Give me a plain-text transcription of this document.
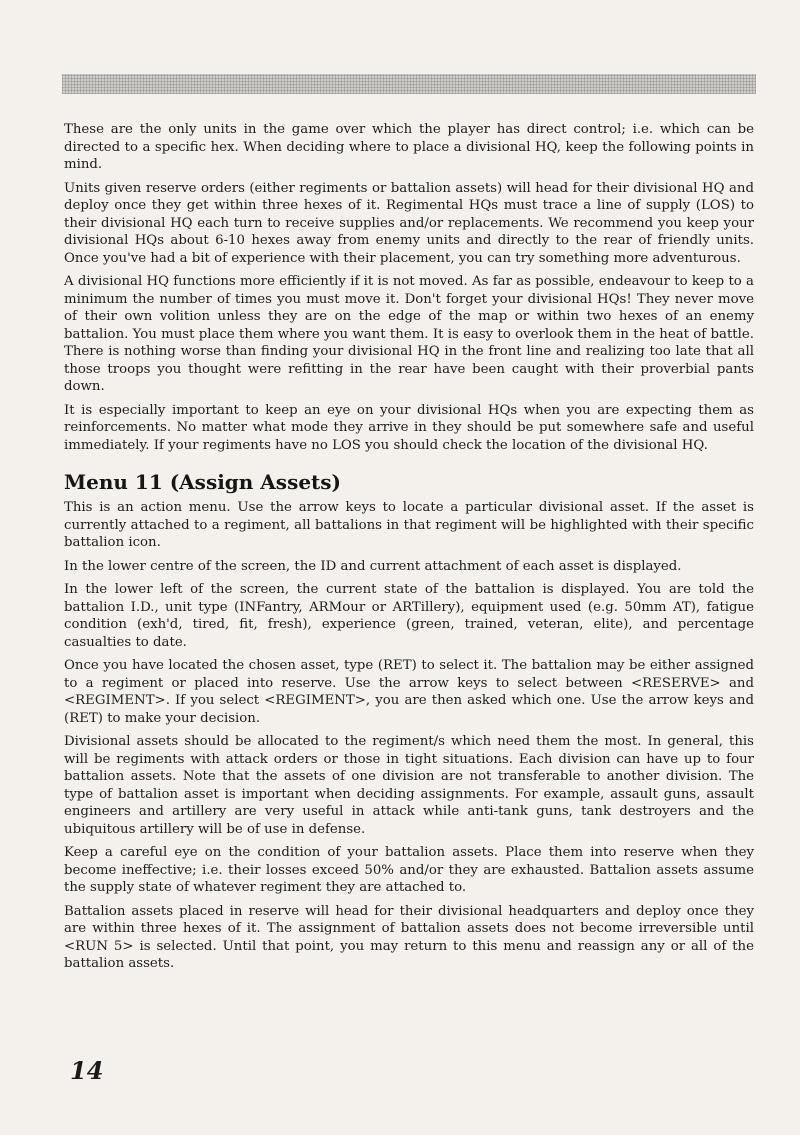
These are the only units in the game over which the player has direct control; i.e. which can be directed to a specific hex. When deciding where to place a divisional HQ, keep the following points in mind.

Units given reserve orders (either regiments or battalion assets) will head for their divisional HQ and deploy once they get within three hexes of it. Regimental HQs must trace a line of supply (LOS) to their divisional HQ each turn to receive supplies and/or replacements. We recommend you keep your divisional HQs about 6-10 hexes away from enemy units and directly to the rear of friendly units. Once you've had a bit of experience with their placement, you can try something more adventurous.

A divisional HQ functions more efficiently if it is not moved. As far as possible, endeavour to keep to a minimum the number of times you must move it. Don't forget your divisional HQs! They never move of their own volition unless they are on the edge of the map or within two hexes of an enemy battalion. You must place them where you want them. It is easy to overlook them in the heat of battle. There is nothing worse than finding your divisional HQ in the front line and realizing too late that all those troops you thought were refitting in the rear have been caught with their proverbial pants down.

It is especially important to keep an eye on your divisional HQs when you are expecting them as reinforcements. No matter what mode they arrive in they should be put somewhere safe and useful immediately. If your regiments have no LOS you should check the location of the divisional HQ.

Menu 11 (Assign Assets)

This is an action menu. Use the arrow keys to locate a particular divisional asset. If the asset is currently attached to a regiment, all battalions in that regiment will be highlighted with their specific battalion icon.

In the lower centre of the screen, the ID and current attachment of each asset is displayed.

In the lower left of the screen, the current state of the battalion is displayed. You are told the battalion I.D., unit type (INFantry, ARMour or ARTillery), equipment used (e.g. 50mm AT), fatigue condition (exh'd, tired, fit, fresh), experience (green, trained, veteran, elite), and percentage casualties to date.

Once you have located the chosen asset, type (RET) to select it. The battalion may be either assigned to a regiment or placed into reserve. Use the arrow keys to select between <RESERVE> and <REGIMENT>. If you select <REGIMENT>, you are then asked which one. Use the arrow keys and (RET) to make your decision.

Divisional assets should be allocated to the regiment/s which need them the most. In general, this will be regiments with attack orders or those in tight situations. Each division can have up to four battalion assets. Note that the assets of one division are not transferable to another division. The type of battalion asset is important when deciding assignments. For example, assault guns, assault engineers and artillery are very useful in attack while anti-tank guns, tank destroyers and the ubiquitous artillery will be of use in defense.

Keep a careful eye on the condition of your battalion assets. Place them into reserve when they become ineffective; i.e. their losses exceed 50% and/or they are exhausted. Battalion assets assume the supply state of whatever regiment they are attached to.

Battalion assets placed in reserve will head for their divisional headquarters and deploy once they are within three hexes of it. The assignment of battalion assets does not become irreversible until <RUN 5> is selected. Until that point, you may return to this menu and reassign any or all of the battalion assets.

14
